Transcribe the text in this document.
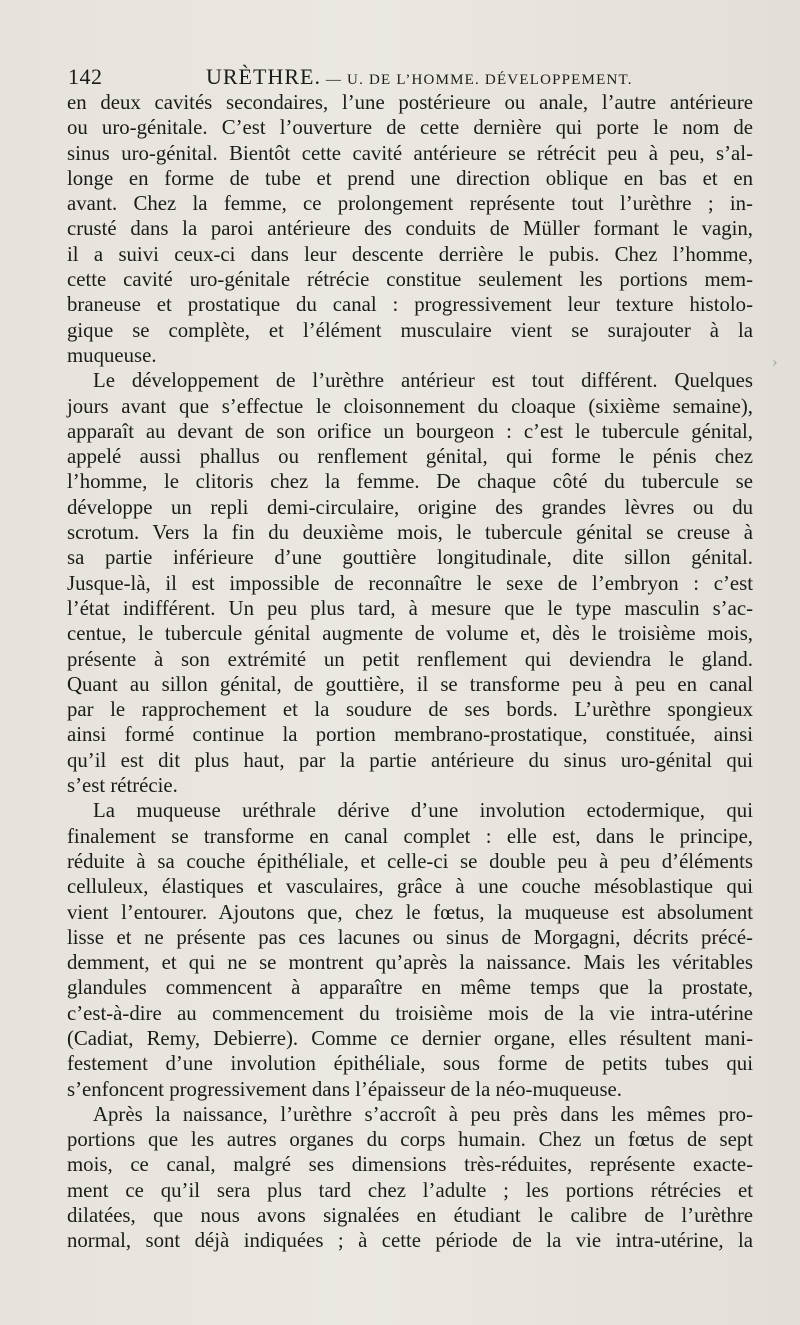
142	URÈTHRE. — U. DE L’HOMME. DÉVELOPPEMENT.
en deux cavités secondaires, l’une postérieure ou anale, l’autre antérieure
ou uro-génitale. C’est l’ouverture de cette dernière qui porte le nom de
sinus uro-génital. Bientôt cette cavité antérieure se rétrécit peu à peu, s’al-
longe en forme de tube et prend une direction oblique en bas et en
avant. Chez la femme, ce prolongement représente tout l’urèthre ; in-
crusté dans la paroi antérieure des conduits de Müller formant le vagin,
il a suivi ceux-ci dans leur descente derrière le pubis. Chez l’homme,
cette cavité uro-génitale rétrécie constitue seulement les portions mem-
braneuse et prostatique du canal : progressivement leur texture histolo-
gique se complète, et l’élément musculaire vient se surajouter à la
muqueuse.
Le développement de l’urèthre antérieur est tout différent. Quelques
jours avant que s’effectue le cloisonnement du cloaque (sixième semaine),
apparaît au devant de son orifice un bourgeon : c’est le tubercule génital,
appelé aussi phallus ou renflement génital, qui forme le pénis chez
l’homme, le clitoris chez la femme. De chaque côté du tubercule se
développe un repli demi-circulaire, origine des grandes lèvres ou du
scrotum. Vers la fin du deuxième mois, le tubercule génital se creuse à
sa partie inférieure d’une gouttière longitudinale, dite sillon génital.
Jusque-là, il est impossible de reconnaître le sexe de l’embryon : c’est
l’état indifférent. Un peu plus tard, à mesure que le type masculin s’ac-
centue, le tubercule génital augmente de volume et, dès le troisième mois,
présente à son extrémité un petit renflement qui deviendra le gland.
Quant au sillon génital, de gouttière, il se transforme peu à peu en canal
par le rapprochement et la soudure de ses bords. L’urèthre spongieux
ainsi formé continue la portion membrano-prostatique, constituée, ainsi
qu’il est dit plus haut, par la partie antérieure du sinus uro-génital qui
s’est rétrécie.
La muqueuse uréthrale dérive d’une involution ectodermique, qui
finalement se transforme en canal complet : elle est, dans le principe,
réduite à sa couche épithéliale, et celle-ci se double peu à peu d’éléments
celluleux, élastiques et vasculaires, grâce à une couche mésoblastique qui
vient l’entourer. Ajoutons que, chez le fœtus, la muqueuse est absolument
lisse et ne présente pas ces lacunes ou sinus de Morgagni, décrits précé-
demment, et qui ne se montrent qu’après la naissance. Mais les véritables
glandules commencent à apparaître en même temps que la prostate,
c’est-à-dire au commencement du troisième mois de la vie intra-utérine
(Cadiat, Remy, Debierre). Comme ce dernier organe, elles résultent mani-
festement d’une involution épithéliale, sous forme de petits tubes qui
s’enfoncent progressivement dans l’épaisseur de la néo-muqueuse.
Après la naissance, l’urèthre s’accroît à peu près dans les mêmes pro-
portions que les autres organes du corps humain. Chez un fœtus de sept
mois, ce canal, malgré ses dimensions très-réduites, représente exacte-
ment ce qu’il sera plus tard chez l’adulte ; les portions rétrécies et
dilatées, que nous avons signalées en étudiant le calibre de l’urèthre
normal, sont déjà indiquées ; à cette période de la vie intra-utérine, la
›
